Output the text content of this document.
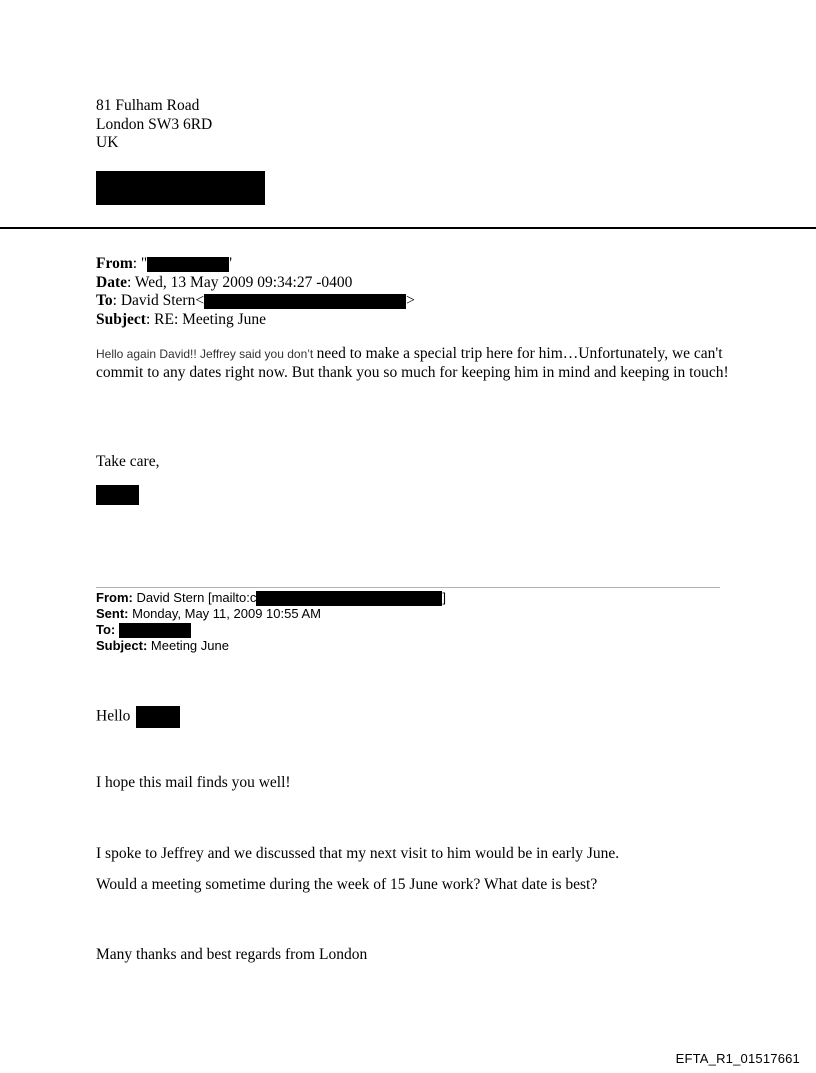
81 Fulham Road
London SW3 6RD
UK
From: "	'
Date: Wed, 13 May 2009 09:34:27 -0400
To: David Stern<	>
Subject: RE: Meeting June
Hello again David!! Jeffrey said you don’t need to make a special trip here for him…Unfortunately, we can't commit to any dates right now. But thank you so much for keeping him in mind and keeping in touch!
Take care,
From: David Stern [mailto:c	]
Sent: Monday, May 11, 2009 10:55 AM
To:
Subject: Meeting June
Hello
I hope this mail finds you well!
I spoke to Jeffrey and we discussed that my next visit to him would be in early June.
Would a meeting sometime during the week of 15 June work? What date is best?
Many thanks and best regards from London
EFTA_R1_01517661
